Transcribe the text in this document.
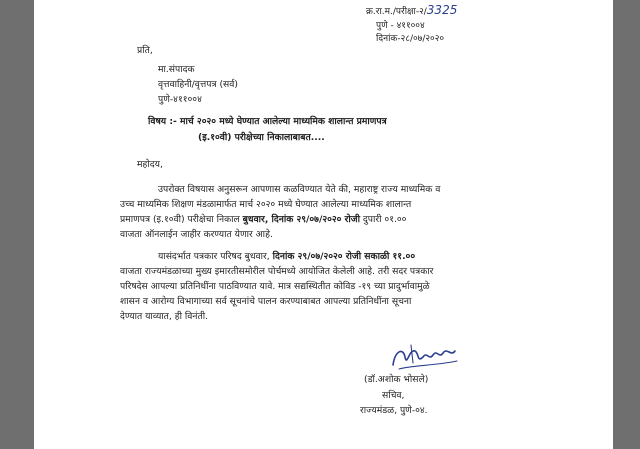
क्र.रा.म./परीक्षा-२/3325
पुणे - ४११००४
दिनांक-२८/०७/२०२०
प्रति,
मा.संपादक
वृत्तवाहिनी/वृत्तपत्र (सर्व)
पुणे-४११००४
विषय :- मार्च २०२० मध्ये घेण्यात आलेल्या माध्यमिक शालान्त प्रमाणपत्र
(इ.१०वी) परीक्षेच्या निकालाबाबत....
महोदय,
उपरोक्त विषयास अनुसरून आपणास कळविण्यात येते की, महाराष्ट्र राज्य माध्यमिक व
उच्च माध्यमिक शिक्षण मंडळामार्फत मार्च २०२० मध्ये घेण्यात आलेल्या माध्यमिक शालान्त
प्रमाणपत्र (इ.१०वी) परीक्षेचा निकाल बुधवार, दिनांक २९/०७/२०२० रोजी दुपारी ०१.००
वाजता ऑनलाईन जाहीर करण्यात येणार आहे.
यासंदर्भात पत्रकार परिषद बुधवार, दिनांक २९/०७/२०२० रोजी सकाळी ११.००
वाजता राज्यमंडळाच्या मुख्य इमारतीसमोरील पोर्चमध्ये आयोजित केलेली आहे. तरी सदर पत्रकार
परिषदेस आपल्या प्रतिनिधींना पाठविण्यात यावे. मात्र सद्यस्थितीत कोविड -१९ च्या प्रादुर्भावामुळे
शासन व आरोग्य विभागाच्या सर्व सूचनांचे पालन करण्याबाबत आपल्या प्रतिनिधींना सूचना
देण्यात याव्यात, ही विनंती.
(डॉ.अशोक भोसले)
सचिव,
राज्यमंडळ, पुणे-०४.
